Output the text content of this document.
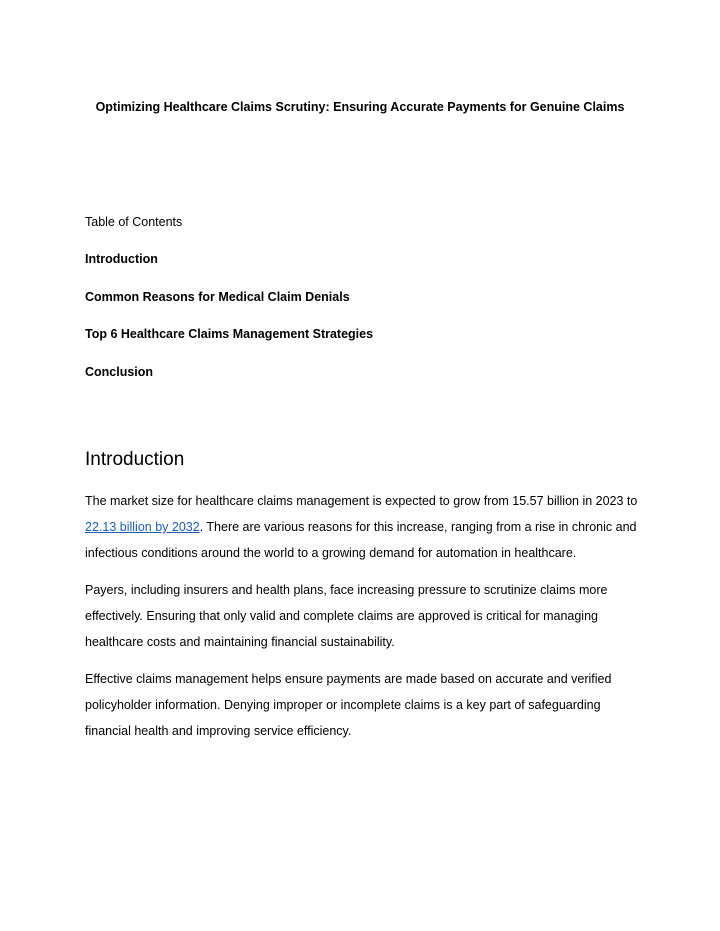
Optimizing Healthcare Claims Scrutiny: Ensuring Accurate Payments for Genuine Claims

Table of Contents

Introduction
Common Reasons for Medical Claim Denials
Top 6 Healthcare Claims Management Strategies
Conclusion
Introduction

The market size for healthcare claims management is expected to grow from 15.57 billion in 2023 to 22.13 billion by 2032. There are various reasons for this increase, ranging from a rise in chronic and infectious conditions around the world to a growing demand for automation in healthcare.

Payers, including insurers and health plans, face increasing pressure to scrutinize claims more effectively. Ensuring that only valid and complete claims are approved is critical for managing healthcare costs and maintaining financial sustainability.

Effective claims management helps ensure payments are made based on accurate and verified policyholder information. Denying improper or incomplete claims is a key part of safeguarding financial health and improving service efficiency.
